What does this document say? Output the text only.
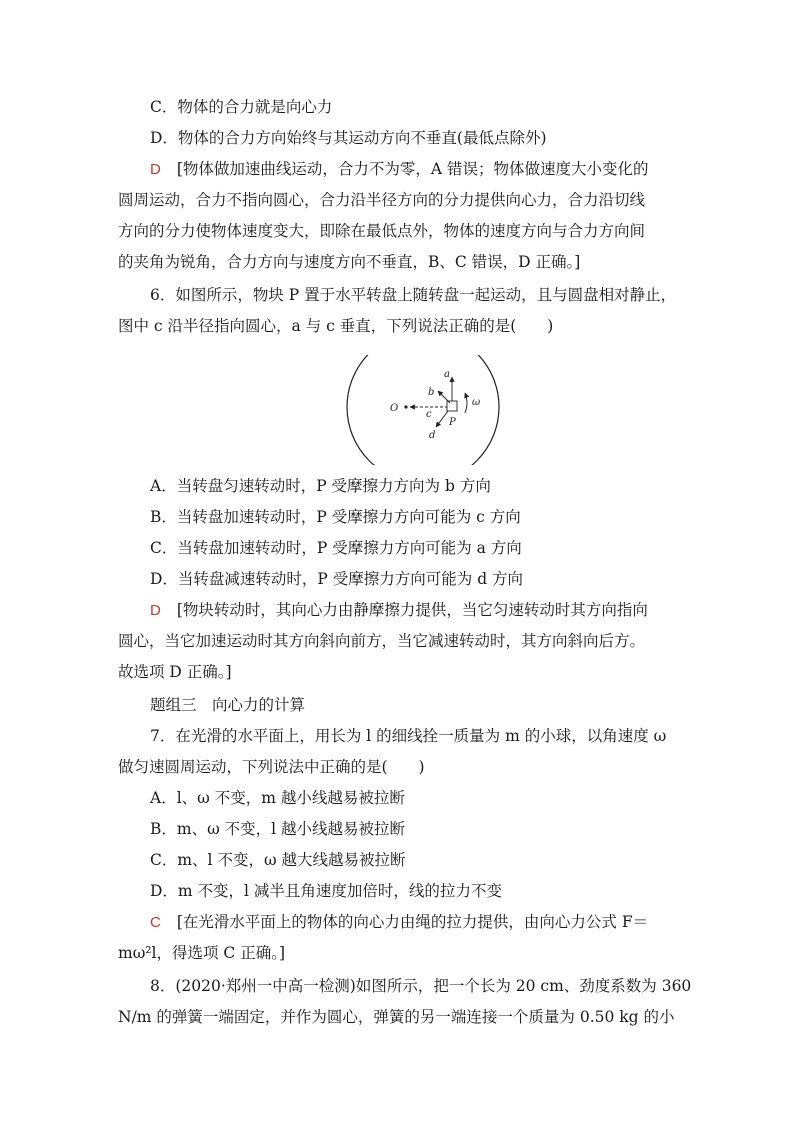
C．物体的合力就是向心力
D．物体的合力方向始终与其运动方向不垂直(最低点除外)
D [物体做加速曲线运动，合力不为零，A 错误；物体做速度大小变化的
圆周运动，合力不指向圆心，合力沿半径方向的分力提供向心力，合力沿切线
方向的分力使物体速度变大，即除在最低点外，物体的速度方向与合力方向间
的夹角为锐角，合力方向与速度方向不垂直，B、C 错误，D 正确。]
6．如图所示，物块 P 置于水平转盘上随转盘一起运动，且与圆盘相对静止，
图中 c 沿半径指向圆心，a 与 c 垂直，下列说法正确的是(　　)
O
c
a
b
d
P
ω
A．当转盘匀速转动时，P 受摩擦力方向为 b 方向
B．当转盘加速转动时，P 受摩擦力方向可能为 c 方向
C．当转盘加速转动时，P 受摩擦力方向可能为 a 方向
D．当转盘减速转动时，P 受摩擦力方向可能为 d 方向
D [物块转动时，其向心力由静摩擦力提供，当它匀速转动时其方向指向
圆心，当它加速运动时其方向斜向前方，当它减速转动时，其方向斜向后方。
故选项 D 正确。]
题组三　向心力的计算
7．在光滑的水平面上，用长为 l 的细线拴一质量为 m 的小球，以角速度 ω
做匀速圆周运动，下列说法中正确的是(　　)
A．l、ω 不变，m 越小线越易被拉断
B．m、ω 不变，l 越小线越易被拉断
C．m、l 不变，ω 越大线越易被拉断
D．m 不变，l 减半且角速度加倍时，线的拉力不变
C [在光滑水平面上的物体的向心力由绳的拉力提供，由向心力公式 F＝
mω²l，得选项 C 正确。]
8．(2020·郑州一中高一检测)如图所示，把一个长为 20 cm、劲度系数为 360
N/m 的弹簧一端固定，并作为圆心，弹簧的另一端连接一个质量为 0.50 kg 的小
